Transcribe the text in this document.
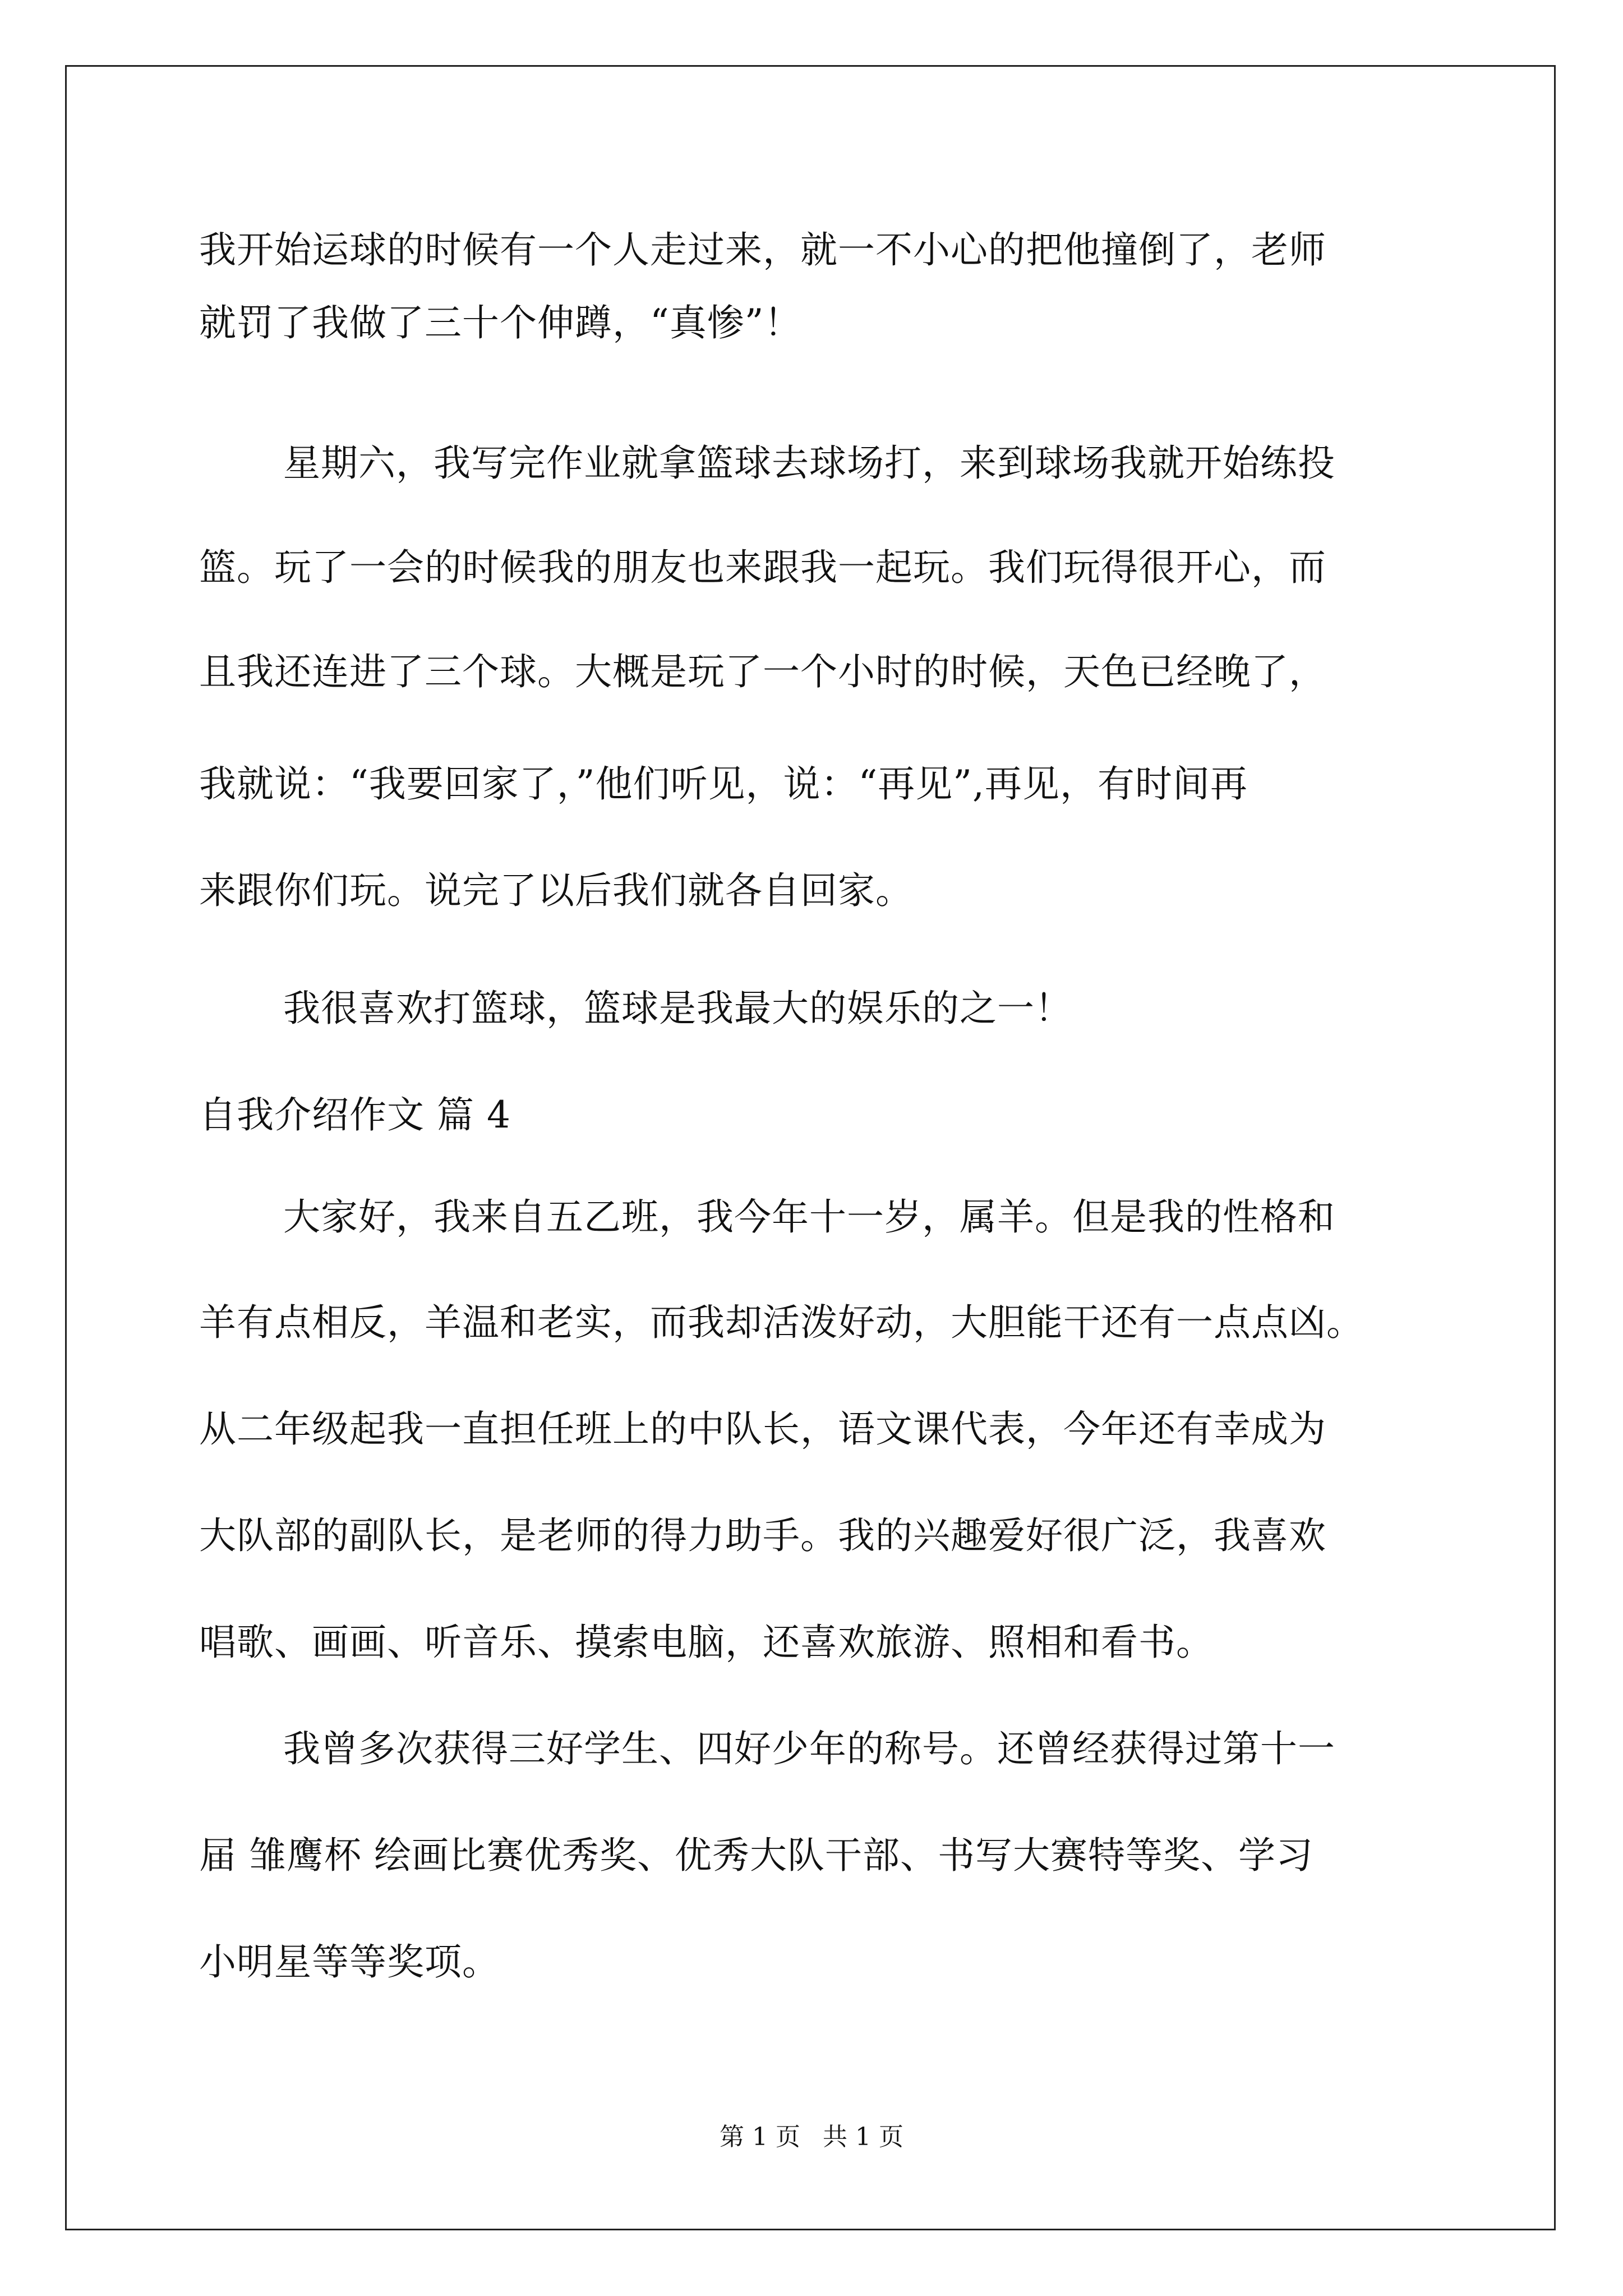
我开始运球的时候有一个人走过来，就一不小心的把他撞倒了，老师
就罚了我做了三十个伸蹲，“真惨”！
星期六，我写完作业就拿篮球去球场打，来到球场我就开始练投
篮。玩了一会的时候我的朋友也来跟我一起玩。我们玩得很开心，而
且我还连进了三个球。大概是玩了一个小时的时候，天色已经晚了，
我就说：“我要回家了，”他们听见，说：“再见”,再见，有时间再
来跟你们玩。说完了以后我们就各自回家。
我很喜欢打篮球，篮球是我最大的娱乐的之一！
自我介绍作文 篇 4
大家好，我来自五乙班，我今年十一岁，属羊。但是我的性格和
羊有点相反，羊温和老实，而我却活泼好动，大胆能干还有一点点凶。
从二年级起我一直担任班上的中队长，语文课代表，今年还有幸成为
大队部的副队长，是老师的得力助手。我的兴趣爱好很广泛，我喜欢
唱歌、画画、听音乐、摸索电脑，还喜欢旅游、照相和看书。
我曾多次获得三好学生、四好少年的称号。还曾经获得过第十一
届 雏鹰杯 绘画比赛优秀奖、优秀大队干部、书写大赛特等奖、学习
小明星等等奖项。
第 1 页 共 1 页
